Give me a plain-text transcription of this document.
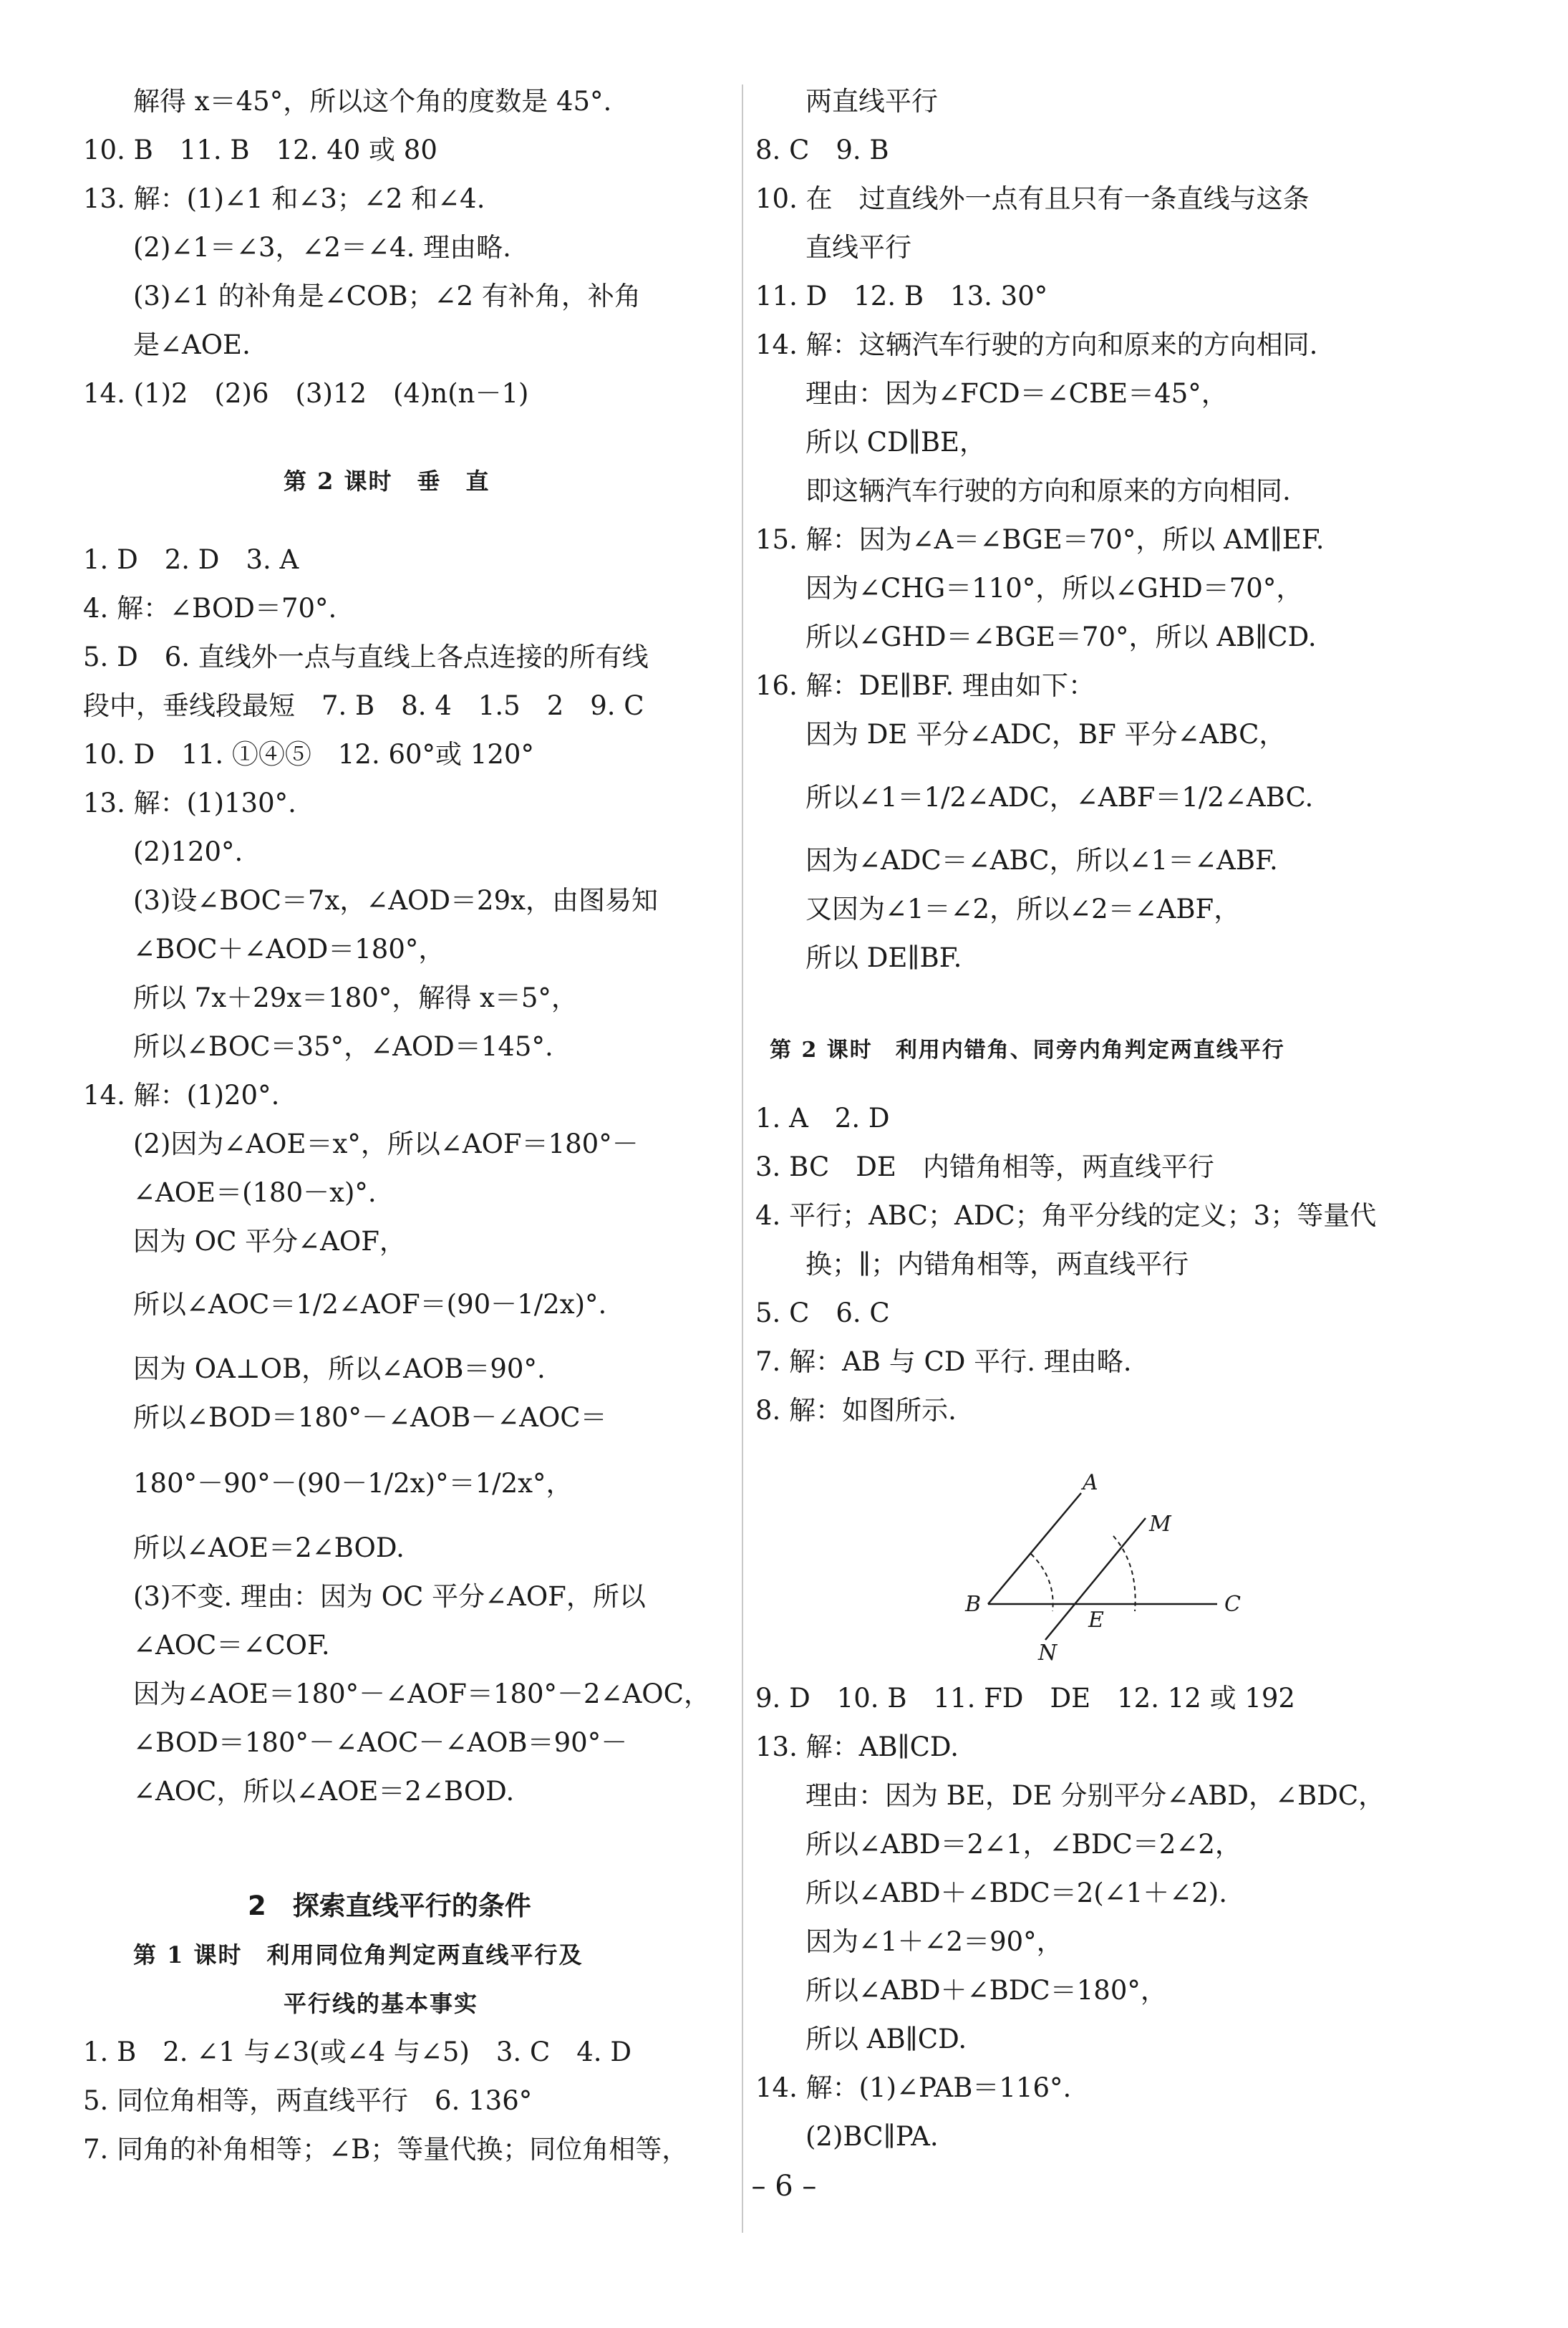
解得 x＝45°，所以这个角的度数是 45°.
10. B　11. B　12. 40 或 80
13. 解：(1)∠1 和∠3；∠2 和∠4.
(2)∠1＝∠3，∠2＝∠4. 理由略.
(3)∠1 的补角是∠COB；∠2 有补角，补角
是∠AOE.
14. (1)2　(2)6　(3)12　(4)n(n－1)
第 2 课时　垂　直
1. D　2. D　3. A
4. 解：∠BOD＝70°.
5. D　6. 直线外一点与直线上各点连接的所有线
段中，垂线段最短　7. B　8. 4　1.5　2　9. C
10. D　11. ①④⑤　12. 60°或 120°
13. 解：(1)130°.
(2)120°.
(3)设∠BOC＝7x，∠AOD＝29x，由图易知
∠BOC＋∠AOD＝180°，
所以 7x＋29x＝180°，解得 x＝5°，
所以∠BOC＝35°，∠AOD＝145°.
14. 解：(1)20°.
(2)因为∠AOE＝x°，所以∠AOF＝180°－
∠AOE＝(180－x)°.
因为 OC 平分∠AOF，
所以∠AOC＝1/2∠AOF＝(90－1/2x)°.
因为 OA⊥OB，所以∠AOB＝90°.
所以∠BOD＝180°－∠AOB－∠AOC＝
180°－90°－(90－1/2x)°＝1/2x°，
所以∠AOE＝2∠BOD.
(3)不变. 理由：因为 OC 平分∠AOF，所以
∠AOC＝∠COF.
因为∠AOE＝180°－∠AOF＝180°－2∠AOC，
∠BOD＝180°－∠AOC－∠AOB＝90°－
∠AOC，所以∠AOE＝2∠BOD.
2　探索直线平行的条件
第 1 课时　利用同位角判定两直线平行及
平行线的基本事实
1. B　2. ∠1 与∠3(或∠4 与∠5)　3. C　4. D
5. 同位角相等，两直线平行　6. 136°
7. 同角的补角相等；∠B；等量代换；同位角相等，
两直线平行
8. C　9. B
10. 在　过直线外一点有且只有一条直线与这条
直线平行
11. D　12. B　13. 30°
14. 解：这辆汽车行驶的方向和原来的方向相同.
理由：因为∠FCD＝∠CBE＝45°，
所以 CD∥BE，
即这辆汽车行驶的方向和原来的方向相同.
15. 解：因为∠A＝∠BGE＝70°，所以 AM∥EF.
因为∠CHG＝110°，所以∠GHD＝70°，
所以∠GHD＝∠BGE＝70°，所以 AB∥CD.
16. 解：DE∥BF. 理由如下：
因为 DE 平分∠ADC，BF 平分∠ABC，
所以∠1＝1/2∠ADC，∠ABF＝1/2∠ABC.
因为∠ADC＝∠ABC，所以∠1＝∠ABF.
又因为∠1＝∠2，所以∠2＝∠ABF，
所以 DE∥BF.
第 2 课时　利用内错角、同旁内角判定两直线平行
1. A　2. D
3. BC　DE　内错角相等，两直线平行
4. 平行；ABC；ADC；角平分线的定义；3；等量代
换；∥；内错角相等，两直线平行
5. C　6. C
7. 解：AB 与 CD 平行. 理由略.
8. 解：如图所示.
9. D　10. B　11. FD　DE　12. 12 或 192
13. 解：AB∥CD.
理由：因为 BE，DE 分别平分∠ABD，∠BDC，
所以∠ABD＝2∠1，∠BDC＝2∠2，
所以∠ABD＋∠BDC＝2(∠1＋∠2).
因为∠1＋∠2＝90°，
所以∠ABD＋∠BDC＝180°，
所以 AB∥CD.
14. 解：(1)∠PAB＝116°.
(2)BC∥PA.
A
M
B
E
C
N
– 6 –
